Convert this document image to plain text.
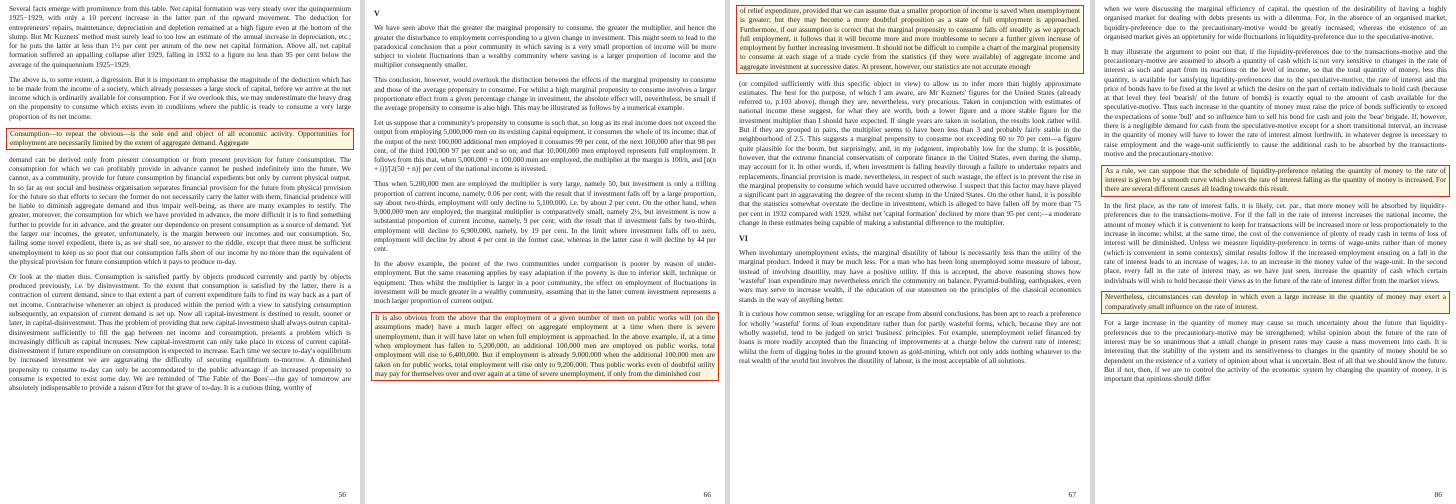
Several facts emerge with prominence from this table. Net capital formation was very steady over the quinquennium 1925−1929, with only a 10 percent increase in the latter part of the upward movement. The deduction for entrepreneurs' repairs, maintenance, depreciation and depletion remained at a high figure even at the bottom of the slump. But Mr Kuznets' method must surely lead to too low an estimate of the annual increase in depreciation, etc.; for he puts the latter at less than 1½ per cent per annum of the new net capital formation. Above all, net capital formation suffered an appalling collapse after 1929, falling in 1932 to a figure no less than 95 per cent below the average of the quinquennium 1925−1929.

The above is, to some extent, a digression. But it is important to emphasise the magnitude of the deduction which has to be made from the income of a society, which already possesses a large stock of capital, before we arrive at the net income which is ordinarily available for consumption. For if we overlook this, we may underestimate the heavy drag on the propensity to consume which exists even in conditions where the public is ready to consume a very large proportion of its net income.

Consumption—to repeat the obvious—is the sole end and object of all economic activity. Opportunities for employment are necessarily limited by the extent of aggregate demand. Aggregate

demand can be derived only from present consumption or from present provision for future consumption. The consumption for which we can profitably provide in advance cannot be pushed indefinitely into the future. We cannot, as a community, provide for future consumption by financial expedients but only by current physical output. In so far as our social and business organisation separates financial provision for the future from physical provision for the future so that efforts to secure the former do not necessarily carry the latter with them, financial prudence will be liable to diminish aggregate demand and thus impair well-being, as there are many examples to testify. The greater, moreover, the consumption for which we have provided in advance, the more difficult it is to find something further to provide for in advance, and the greater our dependence on present consumption as a source of demand. Yet the larger our incomes, the greater, unfortunately, is the margin between our incomes and our consumption. So, failing some novel expedient, there is, as we shall see, no answer to the riddle, except that there must be sufficient unemployment to keep us so poor that our consumption falls short of our income by no more than the equivalent of the physical provision for future consumption which it pays to produce to-day.

Or look at the matter thus. Consumption is satisfied partly by objects produced currently and partly by objects produced previously, i.e. by disinvestment. To the extent that consumption is satisfied by the latter, there is a contraction of current demand, since to that extent a part of current expenditure fails to find its way back as a part of net income. Contrariwise whenever an object is produced within the period with a view to satisfying consumption subsequently, an expansion of current demand is set up. Now all capital-investment is destined to result, sooner or later, in capital-disinvestment. Thus the problem of providing that new capital-investment shall always outrun capital-disinvestment sufficiently to fill the gap between net income and consumption, presents a problem which is increasingly difficult as capital increases. New capital-investment can only take place in excess of current capital-disinvestment if future expenditure on consumption is expected to increase. Each time we secure to-day's equilibrium by increased investment we are aggravating the difficulty of securing equilibrium to-morrow. A diminished propensity to consume to-day can only be accommodated to the public advantage if an increased propensity to consume is expected to exist some day. We are reminded of 'The Fable of the Bees'—the gay of tomorrow are absolutely indispensable to provide a raison d'être for the grave of to-day. It is a curious thing, worthy of

56

V

We have seen above that the greater the marginal propensity to consume, the greater the multiplier, and hence the greater the disturbance to employment corresponding to a given change in investment. This might seem to lead to the paradoxical conclusion that a poor community in which saving is a very small proportion of income will be more subject to violent fluctuations than a wealthy community where saving is a larger proportion of income and the multiplier consequently smaller.

This conclusion, however, would overlook the distinction between the effects of the marginal propensity to consume and those of the average propensity to consume. For whilst a high marginal propensity to consume involves a larger proportionate effect from a given percentage change in investment, the absolute effect will, nevertheless, be small if the average propensity to consume is also high. This may be illustrated as follows by a numerical example.

Let us suppose that a community's propensity to consume is such that, so long as its real income does not exceed the output from employing 5,000,000 men on its existing capital equipment, it consumes the whole of its income; that of the output of the next 100,000 additional men employed it consumes 99 per cent, of the next 100,000 after that 98 per cent, of the third 100,000 97 per cent and so on; and that 10,000,000 men employed represents full employment. It follows from this that, when 5,000,000 + n 100,000 men are employed, the multiplier at the margin is 100/n, and [n(n + i)]/[2(50 + n)] per cent of the national income is invested.

Thus when 5,200,000 men are employed the multiplier is very large, namely 50, but investment is only a trifling proportion of current income, namely, 0.06 per cent; with the result that if investment falls off by a large proportion, say about two-thirds, employment will only decline to 5,100,000, i.e. by about 2 per cent. On the other hand, when 9,000,000 men are employed, the marginal multiplier is comparatively small, namely 2½, but investment is now a substantial proportion of current income, namely, 9 per cent; with the result that if investment falls by two-thirds, employment will decline to 6,900,000, namely, by 19 per cent. In the limit where investment falls off to zero, employment will decline by about 4 per cent in the former case, whereas in the latter case it will decline by 44 per cent.

In the above example, the poorer of the two communities under comparison is poorer by reason of under-employment. But the same reasoning applies by easy adaptation if the poverty is due to inferior skill, technique or equipment. Thus whilst the multiplier is larger in a poor community, the effect on employment of fluctuations in investment will be much greater in a wealthy community, assuming that in the latter current investment represents a much larger proportion of current output.

It is also obvious from the above that the employment of a given number of men on public works will (on the assumptions made) have a much larger effect on aggregate employment at a time when there is severe unemployment, than it will have later on when full employment is approached. In the above example, if, at a time when employment has fallen to 5,200,000, an additional 100,000 men are employed on public works, total employment will rise to 6,400,000. But if employment is already 9,000,000 when the additional 100,000 men are taken on for public works, total employment will rise only to 9,200,000. Thus public works even of doubtful utility may pay for themselves over and over again at a time of severe unemployment, if only from the diminished cost

66

of relief expenditure, provided that we can assume that a smaller proportion of income is saved when unemployment is greater; but they may become a more doubtful proposition as a state of full employment is approached. Furthermore, if our assumption is correct that the marginal propensity to consume falls off steadily as we approach full employment, it follows that it will become more and more troublesome to secure a further given increase of employment by further increasing investment. It should not be difficult to compile a chart of the marginal propensity to consume at each stage of a trade cycle from the statistics (if they were available) of aggregate income and aggregate investment at successive dates. At present, however, our statistics are not accurate enough

(or compiled sufficiently with this specific object in view) to allow us to infer more than highly approximate estimates. The best for the purpose, of which I am aware, are Mr Kuznets' figures for the United States (already referred to, p.103 above), though they are, nevertheless, very precarious. Taken in conjunction with estimates of national income these suggest, for what they are worth, both a lower figure and a more stable figure for the investment multiplier than I should have expected. If single years are taken in isolation, the results look rather wild. But if they are grouped in pairs, the multiplier seems to have been less than 3 and probably fairly stable in the neighbourhood of 2.5. This suggests a marginal propensity to consume not exceeding 60 to 70 per cent—a figure quite plausible for the boom, but surprisingly, and, in my judgment, improbably low for the slump. It is possible, however, that the extreme financial conservatism of corporate finance in the United States, even during the slump, may account for it. In other words, if, when investment is falling heavily through a failure to undertake repairs and replacements, financial provision is made, nevertheless, in respect of such wastage, the effect is to prevent the rise in the marginal propensity to consume which would have occurred otherwise. I suspect that this factor may have played a significant part in aggravating the degree of the recent slump in the United States. On the other hand, it is possible that the statistics somewhat overstate the decline in investment, which is alleged to have fallen off by more than 75 per cent in 1932 compared with 1929, whilst net 'capital formation' declined by more than 95 per cent;—a moderate change in these estimates being capable of making a substantial difference to the multiplier.

VI

When involuntary unemployment exists, the marginal disutility of labour is necessarily less than the utility of the marginal product. Indeed it may be much less. For a man who has been long unemployed some measure of labour, instead of involving disutility, may have a positive utility. If this is accepted, the above reasoning shows how 'wasteful' loan expenditure may nevertheless enrich the community on balance. Pyramid-building, earthquakes, even wars may serve to increase wealth, if the education of our statesmen on the principles of the classical economics stands in the way of anything better.

It is curious how common sense, wriggling for an escape from absurd conclusions, has been apt to reach a preference for wholly 'wasteful' forms of loan expenditure rather than for partly wasteful forms, which, because they are not wholly wasteful, tend to be judged on strict 'business' principles. For example, unemployment relief financed by loans is more readily accepted than the financing of improvements at a charge below the current rate of interest; whilst the form of digging holes in the ground known as gold-mining, which not only adds nothing whatever to the real wealth of the world but involves the disutility of labour, is the most acceptable of all solutions.

67

when we were discussing the marginal efficiency of capital, the question of the desirability of having a highly organised market for dealing with debts presents us with a dilemma. For, in the absence of an organised market, liquidity-preference due to the precautionary-motive would be greatly increased; whereas the existence of an organised market gives an opportunity for wide fluctuations in liquidity-preference due to the speculative-motive.

It may illustrate the argument to point out that, if the liquidity-preferences due to the transactions-motive and the precautionary-motive are assumed to absorb a quantity of cash which is not very sensitive to changes in the rate of interest as such and apart from its reactions on the level of income, so that the total quantity of money, less this quantity, is available for satisfying liquidity-preferences due to the speculative-motive, the rate of interest and the price of bonds have to be fixed at the level at which the desire on the part of certain individuals to hold cash (because at that level they feel 'bearish' of the future of bonds) is exactly equal to the amount of cash available for the speculative-motive. Thus each increase in the quantity of money must raise the price of bonds sufficiently to exceed the expectations of some 'bull' and so influence him to sell his bond for cash and join the 'bear' brigade. If, however, there is a negligible demand for cash from the speculative-motive except for a short transitional interval, an increase in the quantity of money will have to lower the rate of interest almost forthwith, in whatever degree is necessary to raise employment and the wage-unit sufficiently to cause the additional cash to be absorbed by the transactions-motive and the precautionary-motive.

As a rule, we can suppose that the schedule of liquidity-preference relating the quantity of money to the rate of interest is given by a smooth curve which shows the rate of interest falling as the quantity of money is increased. For there are several different causes all leading towards this result.

In the first place, as the rate of interest falls, it is likely, cet. par., that more money will be absorbed by liquidity-preferences due to the transactions-motive. For if the fall in the rate of interest increases the national income, the amount of money which it is convenient to keep for transactions will be increased more or less proportionately to the increase in income; whilst, at the same time, the cost of the convenience of plenty of ready cash in terms of loss of interest will be diminished. Unless we measure liquidity-preference in terms of wage-units rather than of money (which is convenient in some contexts), similar results follow if the increased employment ensuing on a fall in the rate of interest leads to an increase of wages, i.e. to an increase in the money value of the wage-unit. In the second place, every fall in the rate of interest may, as we have just seen, increase the quantity of cash which certain individuals will wish to hold because their views as to the future of the rate of interest differ from the market views.

Nevertheless, circumstances can develop in which even a large increase in the quantity of money may exert a comparatively small influence on the rate of interest.

For a large increase in the quantity of money may cause so much uncertainty about the future that liquidity-preferences due to the precautionary-motive may be strengthened; whilst opinion about the future of the rate of interest may be so unanimous that a small change in present rates may cause a mass movement into cash. It is interesting that the stability of the system and its sensitiveness to changes in the quantity of money should be so dependent on the existence of a variety of opinion about what is uncertain. Best of all that we should know the future. But if not, then, if we are to control the activity of the economic system by changing the quantity of money, it is important that opinions should differ

86
